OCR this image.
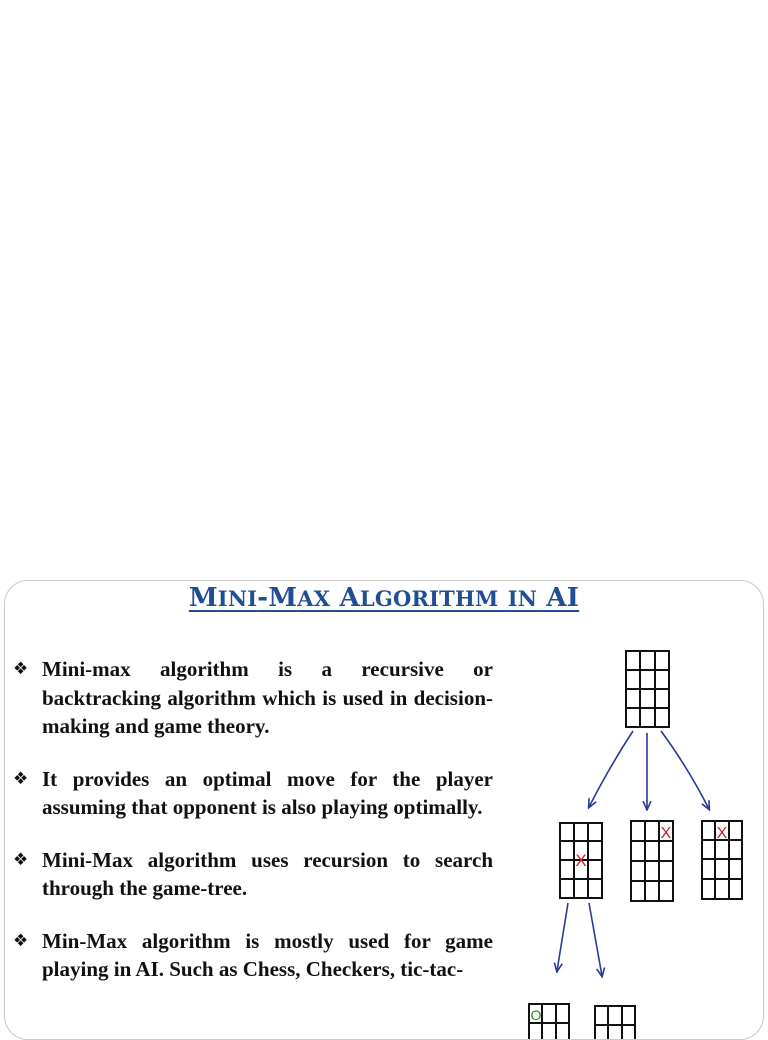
MINI-MAX ALGORITHM IN AI
❖ Mini-max algorithm is a recursive or backtracking algorithm which is used in decision-making and game theory.
❖ It provides an optimal move for the player assuming that opponent is also playing optimally.
❖ Mini-Max algorithm uses recursion to search through the game-tree.
❖ Min-Max algorithm is mostly used for game playing in AI. Such as Chess, Checkers, tic-tac-
X
X	X
O
